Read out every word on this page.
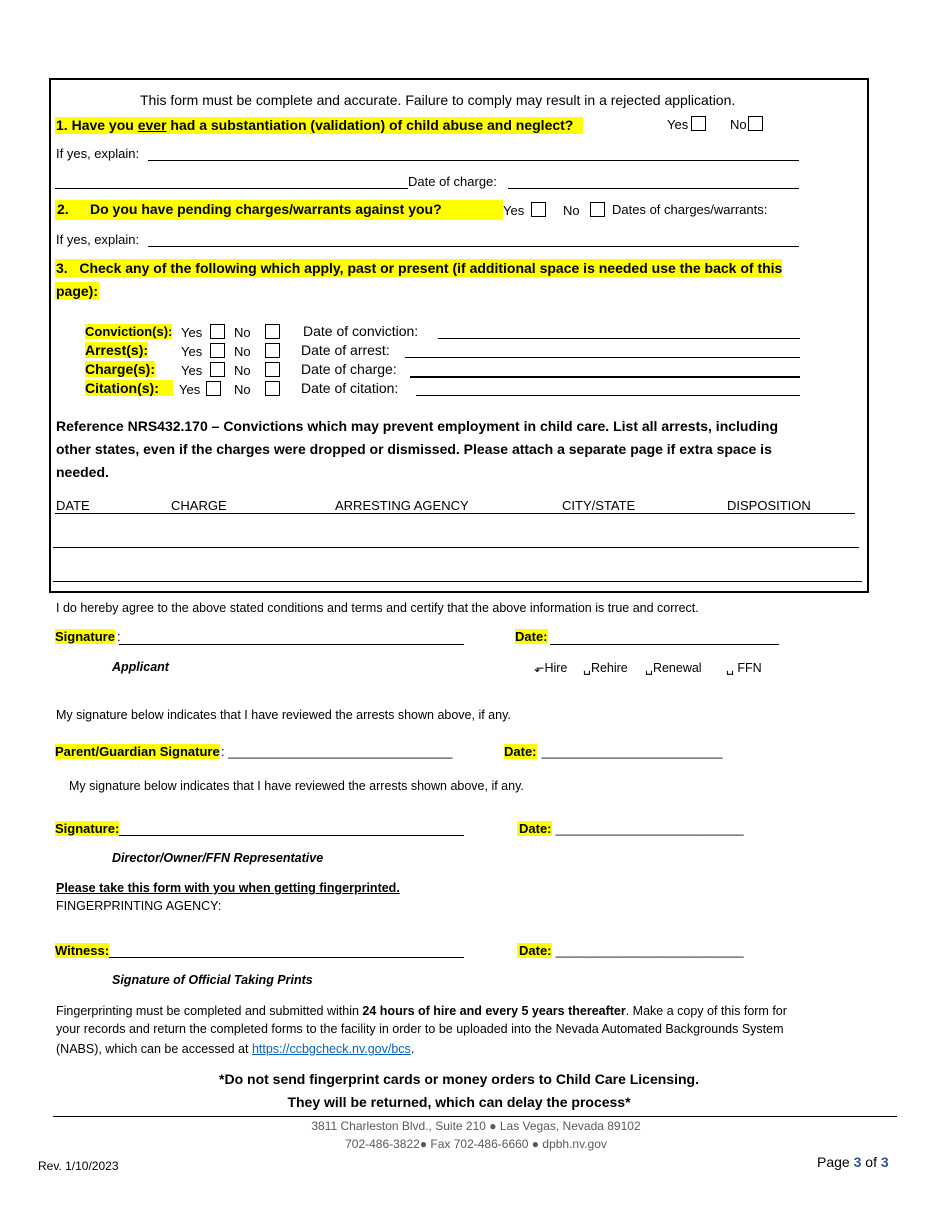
This form must be complete and accurate. Failure to comply may result in a rejected application.
1. Have you ever had a substantiation (validation) of child abuse and neglect?	Yes	No
If yes, explain:
Date of charge:
2. Do you have pending charges/warrants against you?	Yes	No	Dates of charges/warrants:
If yes, explain:
3. Check any of the following which apply, past or present (if additional space is needed use the back of this
page):
Conviction(s): Yes	No	Date of conviction:
Arrest(s):	Yes	No	Date of arrest:
Charge(s): Yes	No	Date of charge:
Citation(s):	Yes	No	Date of citation:
Reference NRS432.170 – Convictions which may prevent employment in child care. List all arrests, including
other states, even if the charges were dropped or dismissed. Please attach a separate page if extra space is
needed.
DATE	CHARGE	ARRESTING AGENCY	CITY/STATE	DISPOSITION
I do hereby agree to the above stated conditions and terms and certify that the above information is true and correct.
Signature :	Date:
Applicant	⬐Hire ␣Rehire ␣Renewal ␣ FFN
My signature below indicates that I have reviewed the arrests shown above, if any.
Parent/Guardian Signature : _______________________________	Date: _________________________
My signature below indicates that I have reviewed the arrests shown above, if any.
Signature:	Date: __________________________
Director/Owner/FFN Representative
Please take this form with you when getting fingerprinted.
FINGERPRINTING AGENCY:
Witness:	Date: __________________________
Signature of Official Taking Prints
Fingerprinting must be completed and submitted within 24 hours of hire and every 5 years thereafter. Make a copy of this form for
your records and return the completed forms to the facility in order to be uploaded into the Nevada Automated Backgrounds System
(NABS), which can be accessed at https://ccbgcheck.nv.gov/bcs.
*Do not send fingerprint cards or money orders to Child Care Licensing.
They will be returned, which can delay the process*
3811 Charleston Blvd., Suite 210 ● Las Vegas, Nevada 89102
702-486-3822● Fax 702-486-6660 ● dpbh.nv.gov
Rev. 1/10/2023	Page 3 of 3
